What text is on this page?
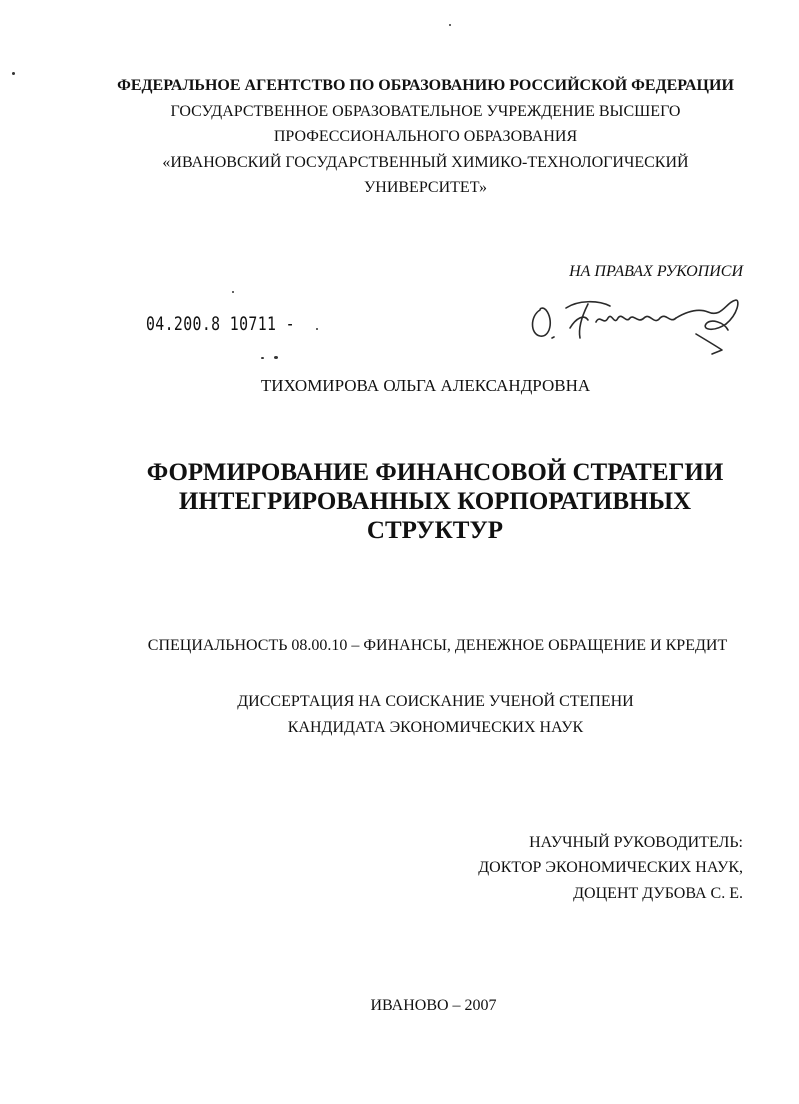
ФЕДЕРАЛЬНОЕ АГЕНТСТВО ПО ОБРАЗОВАНИЮ РОССИЙСКОЙ ФЕДЕРАЦИИ
ГОСУДАРСТВЕННОЕ ОБРАЗОВАТЕЛЬНОЕ УЧРЕЖДЕНИЕ ВЫСШЕГО
ПРОФЕССИОНАЛЬНОГО ОБРАЗОВАНИЯ
«ИВАНОВСКИЙ ГОСУДАРСТВЕННЫЙ ХИМИКО-ТЕХНОЛОГИЧЕСКИЙ
УНИВЕРСИТЕТ»
НА ПРАВАХ РУКОПИСИ
04.200.8 10711 -
ТИХОМИРОВА ОЛЬГА АЛЕКСАНДРОВНА
ФОРМИРОВАНИЕ ФИНАНСОВОЙ СТРАТЕГИИ
ИНТЕГРИРОВАННЫХ КОРПОРАТИВНЫХ
СТРУКТУР
СПЕЦИАЛЬНОСТЬ 08.00.10 – ФИНАНСЫ, ДЕНЕЖНОЕ ОБРАЩЕНИЕ И КРЕДИТ
ДИССЕРТАЦИЯ НА СОИСКАНИЕ УЧЕНОЙ СТЕПЕНИ
КАНДИДАТА ЭКОНОМИЧЕСКИХ НАУК
НАУЧНЫЙ РУКОВОДИТЕЛЬ:
ДОКТОР ЭКОНОМИЧЕСКИХ НАУК,
ДОЦЕНТ ДУБОВА С. Е.
ИВАНОВО – 2007
